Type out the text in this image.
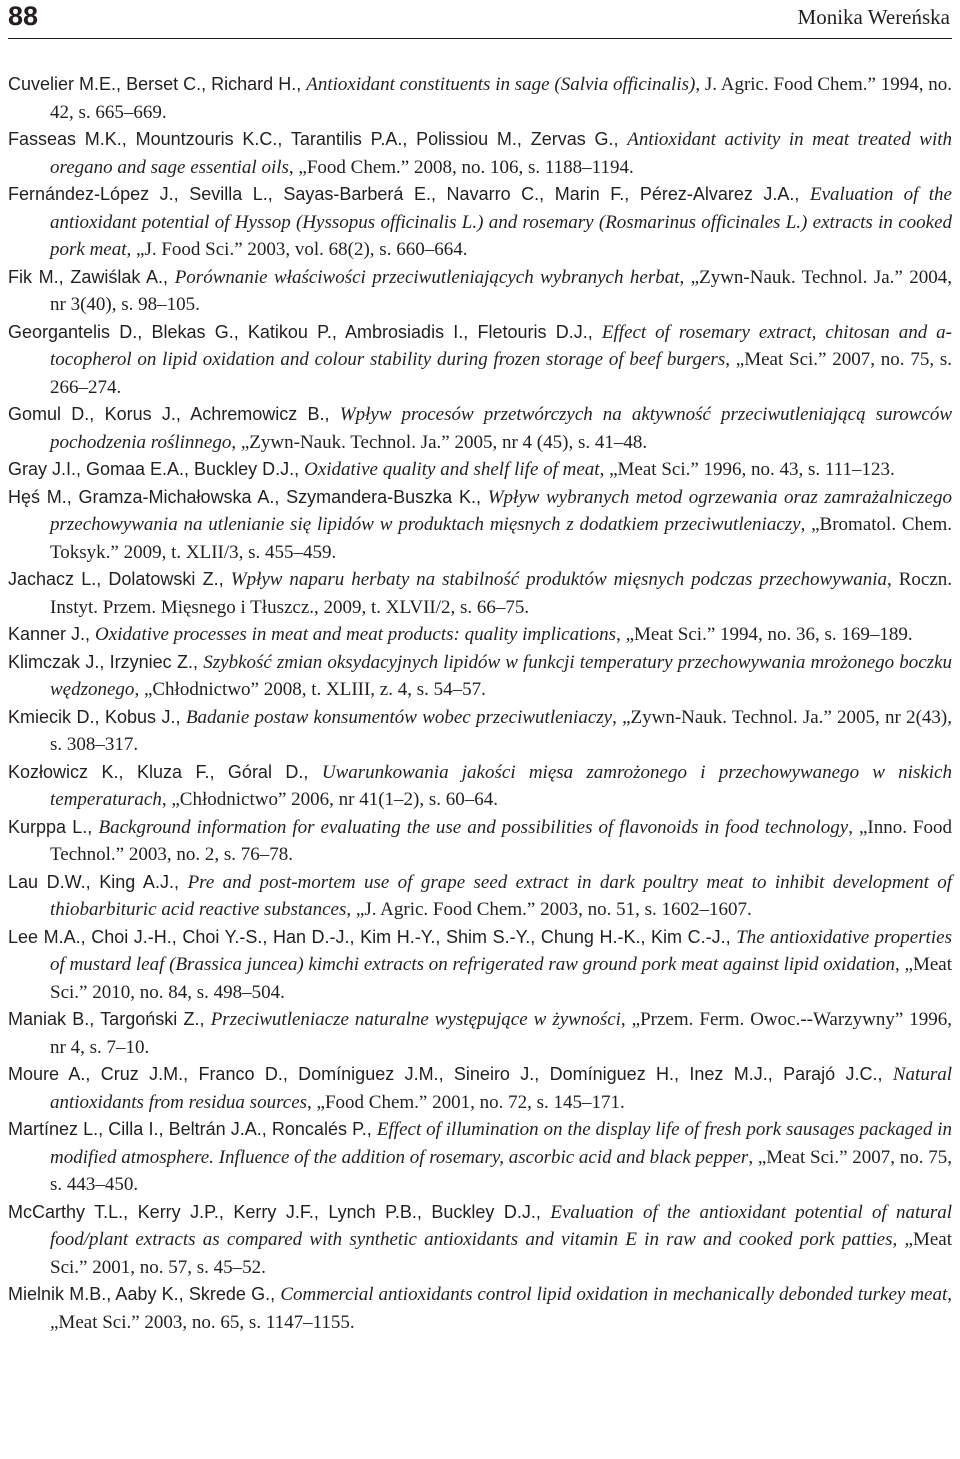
88	Monika Wereńska

Cuvelier M.E., Berset C., Richard H., Antioxidant constituents in sage (Salvia officinalis), J. Agric. Food Chem.” 1994, no. 42, s. 665–669.

Fasseas M.K., Mountzouris K.C., Tarantilis P.A., Polissiou M., Zervas G., Antioxidant activity in meat treated with oregano and sage essential oils, „Food Chem.” 2008, no. 106, s. 1188–1194.

Fernández-López J., Sevilla L., Sayas-Barberá E., Navarro C., Marin F., Pérez-Alvarez J.A., Evaluation of the antioxidant potential of Hyssop (Hyssopus officinalis L.) and rosemary (Rosmarinus officinales L.) extracts in cooked pork meat, „J. Food Sci.” 2003, vol. 68(2), s. 660–664.

Fik M., Zawiślak A., Porównanie właściwości przeciwutleniających wybranych herbat, „Zywn-Nauk. Technol. Ja.” 2004, nr 3(40), s. 98–105.

Georgantelis D., Blekas G., Katikou P., Ambrosiadis I., Fletouris D.J., Effect of rosemary extract, chitosan and a-tocopherol on lipid oxidation and colour stability during frozen storage of beef burgers, „Meat Sci.” 2007, no. 75, s. 266–274.

Gomul D., Korus J., Achremowicz B., Wpływ procesów przetwórczych na aktywność przeciwutleniającą surowców pochodzenia roślinnego, „Zywn-Nauk. Technol. Ja.” 2005, nr 4 (45), s. 41–48.

Gray J.I., Gomaa E.A., Buckley D.J., Oxidative quality and shelf life of meat, „Meat Sci.” 1996, no. 43, s. 111–123.

Hęś M., Gramza-Michałowska A., Szymandera-Buszka K., Wpływ wybranych metod ogrzewania oraz zamrażalniczego przechowywania na utlenianie się lipidów w produktach mięsnych z dodatkiem przeciwutleniaczy, „Bromatol. Chem. Toksyk.” 2009, t. XLII/3, s. 455–459.

Jachacz L., Dolatowski Z., Wpływ naparu herbaty na stabilność produktów mięsnych podczas przechowywania, Roczn. Instyt. Przem. Mięsnego i Tłuszcz., 2009, t. XLVII/2, s. 66–75.

Kanner J., Oxidative processes in meat and meat products: quality implications, „Meat Sci.” 1994, no. 36, s. 169–189.

Klimczak J., Irzyniec Z., Szybkość zmian oksydacyjnych lipidów w funkcji temperatury przechowywania mrożonego boczku wędzonego, „Chłodnictwo” 2008, t. XLIII, z. 4, s. 54–57.

Kmiecik D., Kobus J., Badanie postaw konsumentów wobec przeciwutleniaczy, „Zywn-Nauk. Technol. Ja.” 2005, nr 2(43), s. 308–317.

Kozłowicz K., Kluza F., Góral D., Uwarunkowania jakości mięsa zamrożonego i przechowywanego w niskich temperaturach, „Chłodnictwo” 2006, nr 41(1–2), s. 60–64.

Kurppa L., Background information for evaluating the use and possibilities of flavonoids in food technology, „Inno. Food Technol.” 2003, no. 2, s. 76–78.

Lau D.W., King A.J., Pre and post-mortem use of grape seed extract in dark poultry meat to inhibit development of thiobarbituric acid reactive substances, „J. Agric. Food Chem.” 2003, no. 51, s. 1602–1607.

Lee M.A., Choi J.-H., Choi Y.-S., Han D.-J., Kim H.-Y., Shim S.-Y., Chung H.-K., Kim C.-J., The antioxidative properties of mustard leaf (Brassica juncea) kimchi extracts on refrigerated raw ground pork meat against lipid oxidation, „Meat Sci.” 2010, no. 84, s. 498–504.

Maniak B., Targoński Z., Przeciwutleniacze naturalne występujące w żywności, „Przem. Ferm. Owoc.--Warzywny” 1996, nr 4, s. 7–10.

Moure A., Cruz J.M., Franco D., Domíniguez J.M., Sineiro J., Domíniguez H., Inez M.J., Parajó J.C., Natural antioxidants from residua sources, „Food Chem.” 2001, no. 72, s. 145–171.

Martínez L., Cilla I., Beltrán J.A., Roncalés P., Effect of illumination on the display life of fresh pork sausages packaged in modified atmosphere. Influence of the addition of rosemary, ascorbic acid and black pepper, „Meat Sci.” 2007, no. 75, s. 443–450.

McCarthy T.L., Kerry J.P., Kerry J.F., Lynch P.B., Buckley D.J., Evaluation of the antioxidant potential of natural food/plant extracts as compared with synthetic antioxidants and vitamin E in raw and cooked pork patties, „Meat Sci.” 2001, no. 57, s. 45–52.

Mielnik M.B., Aaby K., Skrede G., Commercial antioxidants control lipid oxidation in mechanically debonded turkey meat, „Meat Sci.” 2003, no. 65, s. 1147–1155.
